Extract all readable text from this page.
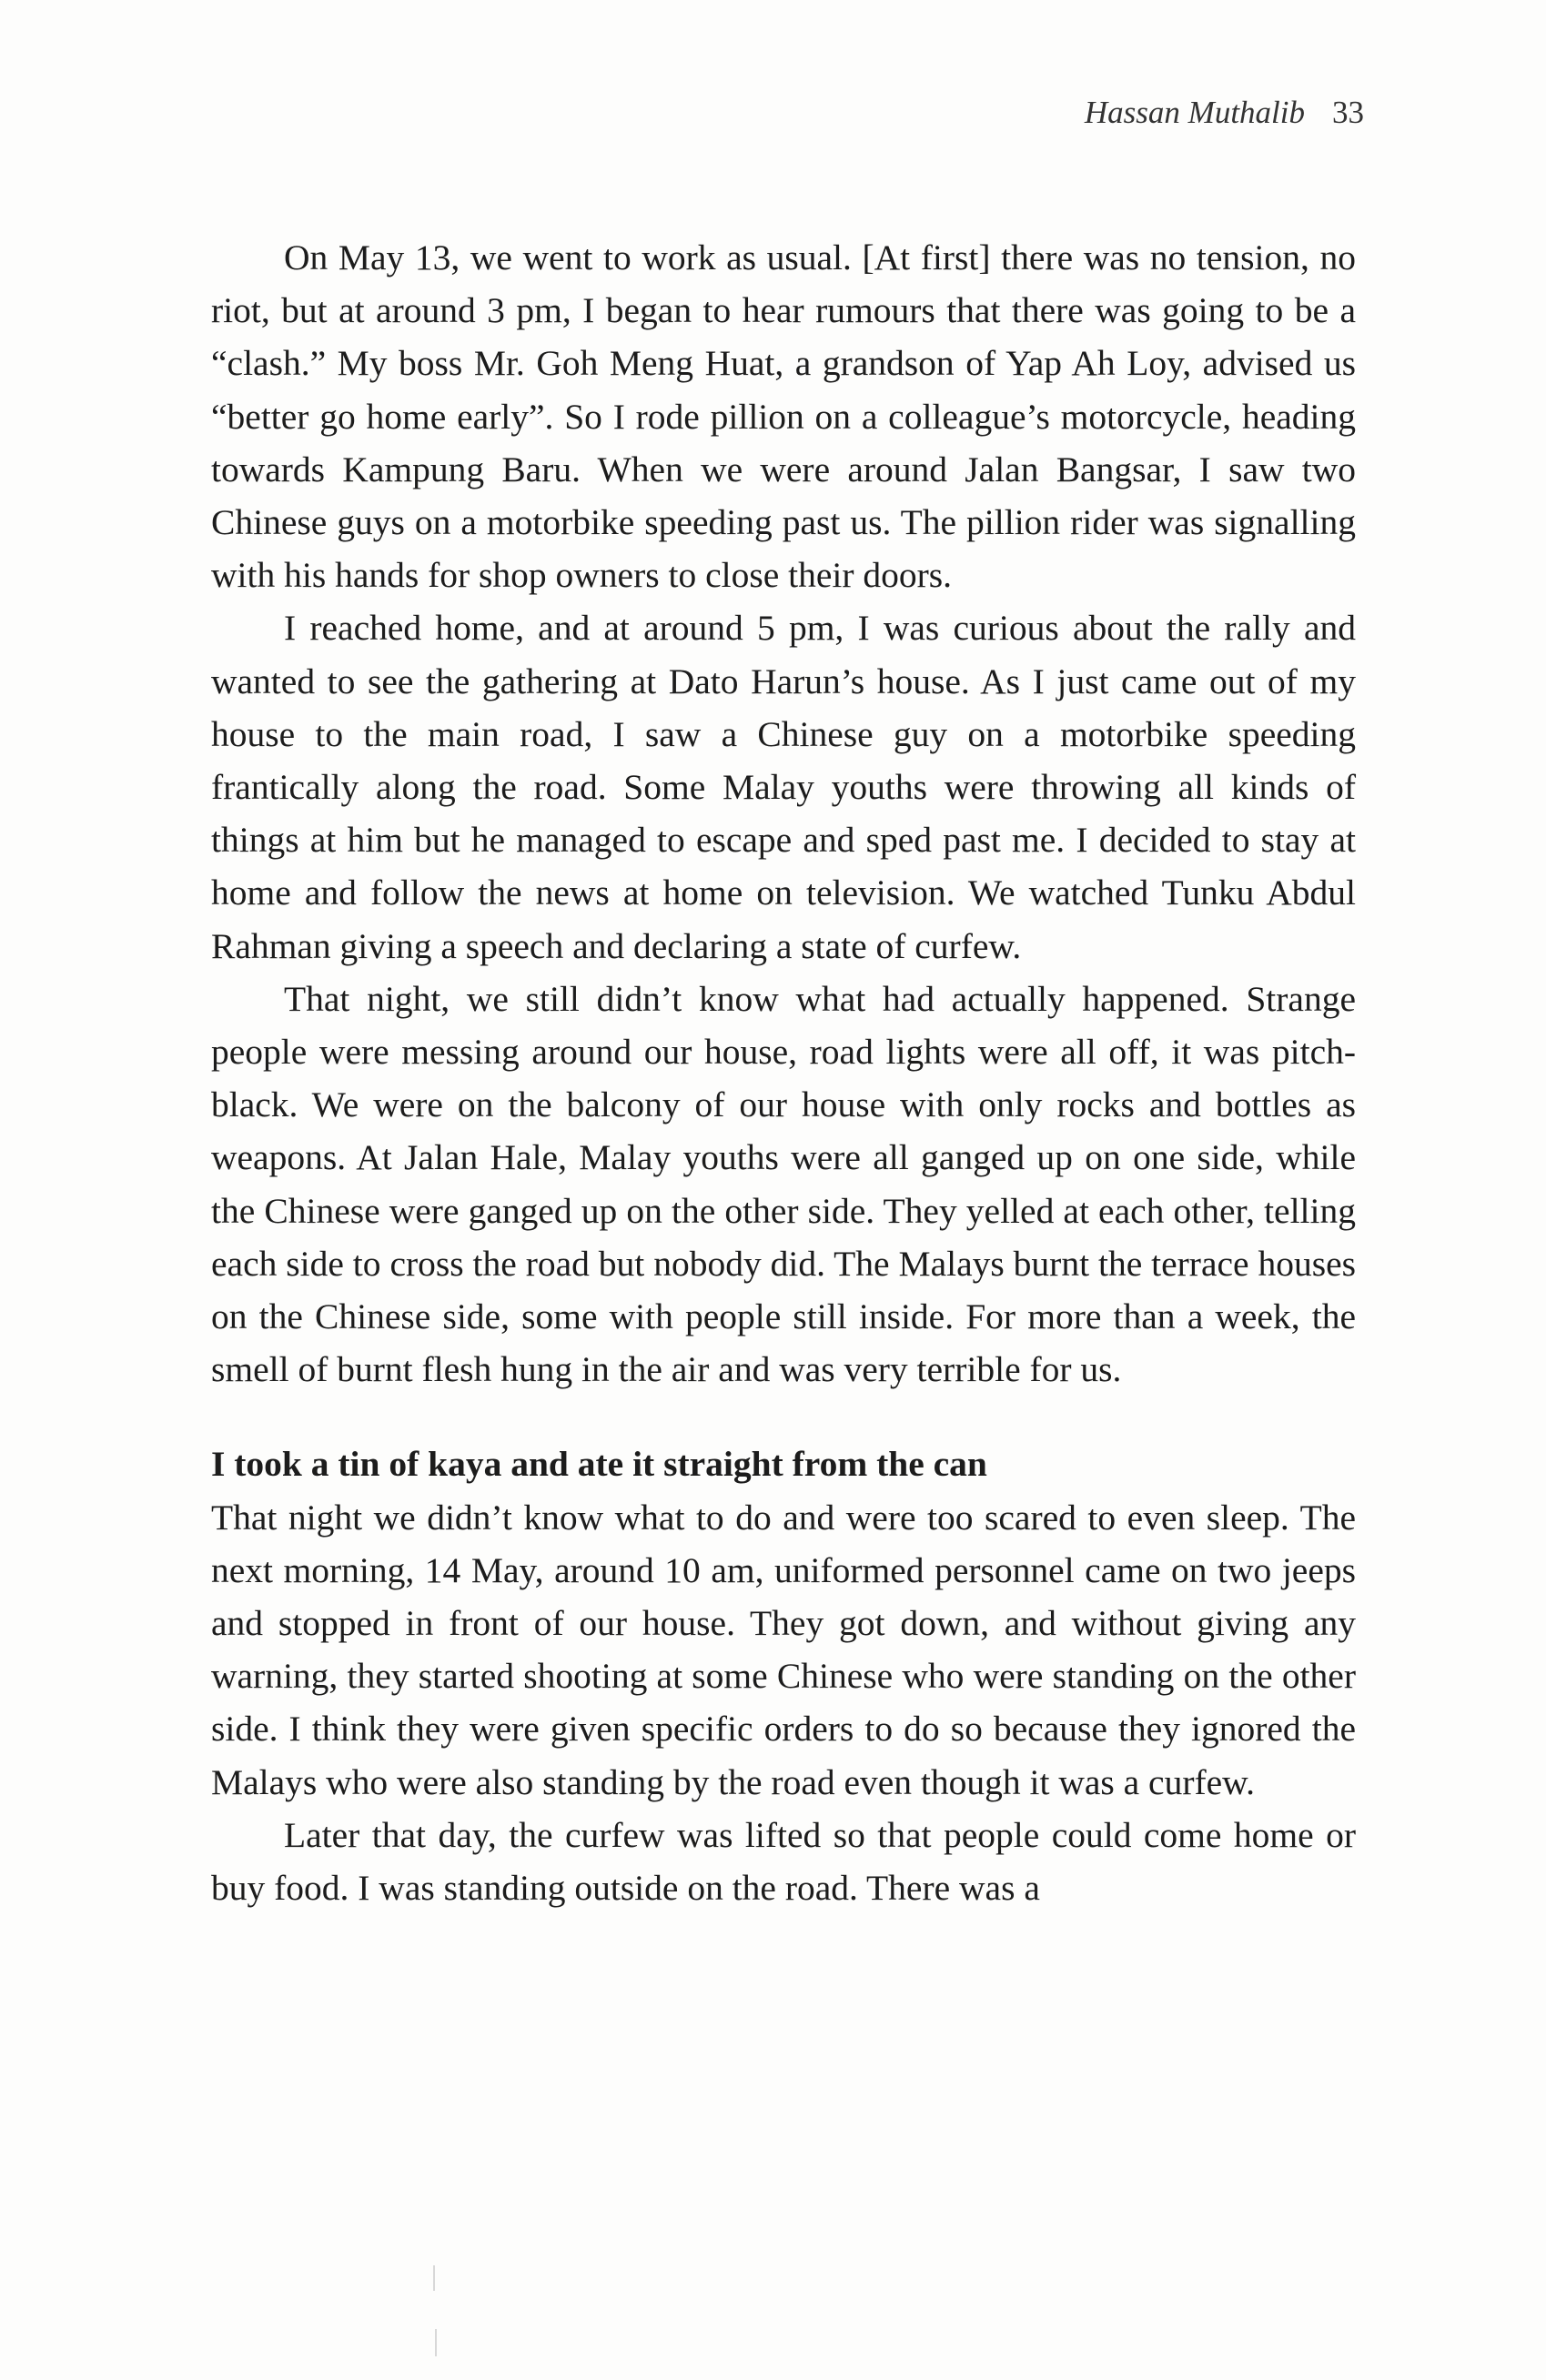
Hassan Muthalib 33

On May 13, we went to work as usual. [At first] there was no tension, no riot, but at around 3 pm, I began to hear rumours that there was going to be a “clash.” My boss Mr. Goh Meng Huat, a grandson of Yap Ah Loy, advised us “better go home early”. So I rode pillion on a colleague’s motorcycle, heading towards Kampung Baru. When we were around Jalan Bangsar, I saw two Chinese guys on a motorbike speeding past us. The pillion rider was signalling with his hands for shop owners to close their doors.

I reached home, and at around 5 pm, I was curious about the rally and wanted to see the gathering at Dato Harun’s house. As I just came out of my house to the main road, I saw a Chinese guy on a motorbike speeding frantically along the road. Some Malay youths were throwing all kinds of things at him but he managed to escape and sped past me. I decided to stay at home and follow the news at home on television. We watched Tunku Abdul Rahman giving a speech and declaring a state of curfew.

That night, we still didn’t know what had actually happened. Strange people were messing around our house, road lights were all off, it was pitch-black. We were on the balcony of our house with only rocks and bottles as weapons. At Jalan Hale, Malay youths were all ganged up on one side, while the Chinese were ganged up on the other side. They yelled at each other, telling each side to cross the road but nobody did. The Malays burnt the terrace houses on the Chinese side, some with people still inside. For more than a week, the smell of burnt flesh hung in the air and was very terrible for us.

I took a tin of kaya and ate it straight from the can

That night we didn’t know what to do and were too scared to even sleep. The next morning, 14 May, around 10 am, uniformed personnel came on two jeeps and stopped in front of our house. They got down, and without giving any warning, they started shooting at some Chinese who were standing on the other side. I think they were given specific orders to do so because they ignored the Malays who were also standing by the road even though it was a curfew.

Later that day, the curfew was lifted so that people could come home or buy food. I was standing outside on the road. There was a
